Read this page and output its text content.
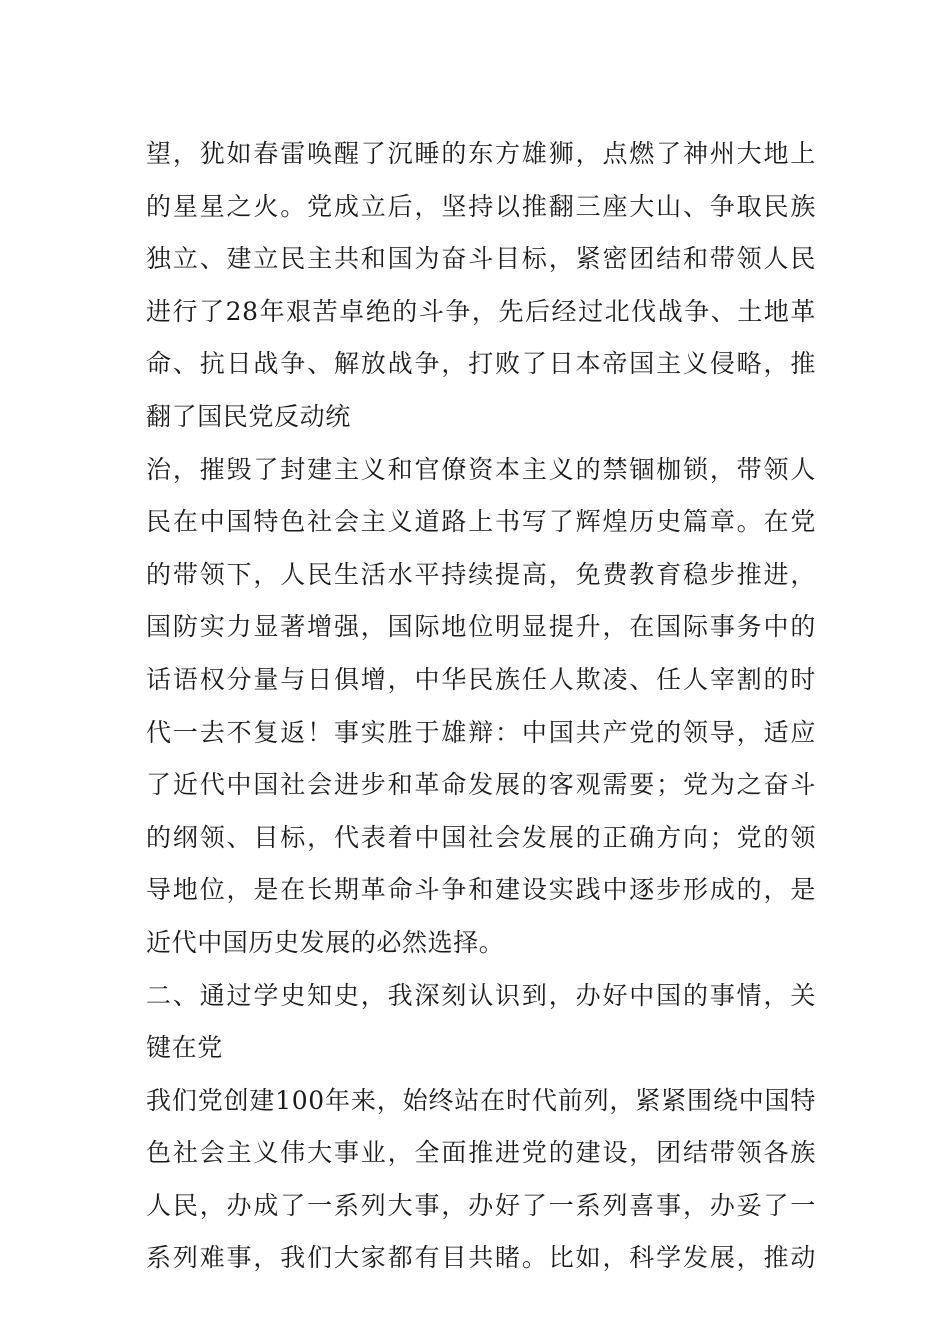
望，犹如春雷唤醒了沉睡的东方雄狮，点燃了神州大地上
的星星之火。党成立后，坚持以推翻三座大山、争取民族
独立、建立民主共和国为奋斗目标，紧密团结和带领人民
进行了28年艰苦卓绝的斗争，先后经过北伐战争、土地革
命、抗日战争、解放战争，打败了日本帝国主义侵略，推
翻了国民党反动统
治，摧毁了封建主义和官僚资本主义的禁锢枷锁，带领人
民在中国特色社会主义道路上书写了辉煌历史篇章。在党
的带领下，人民生活水平持续提高，免费教育稳步推进，
国防实力显著增强，国际地位明显提升，在国际事务中的
话语权分量与日俱增，中华民族任人欺凌、任人宰割的时
代一去不复返！事实胜于雄辩：中国共产党的领导，适应
了近代中国社会进步和革命发展的客观需要；党为之奋斗
的纲领、目标，代表着中国社会发展的正确方向；党的领
导地位，是在长期革命斗争和建设实践中逐步形成的，是
近代中国历史发展的必然选择。
二、通过学史知史，我深刻认识到，办好中国的事情，关
键在党
我们党创建100年来，始终站在时代前列，紧紧围绕中国特
色社会主义伟大事业，全面推进党的建设，团结带领各族
人民，办成了一系列大事，办好了一系列喜事，办妥了一
系列难事，我们大家都有目共睹。比如，科学发展，推动
